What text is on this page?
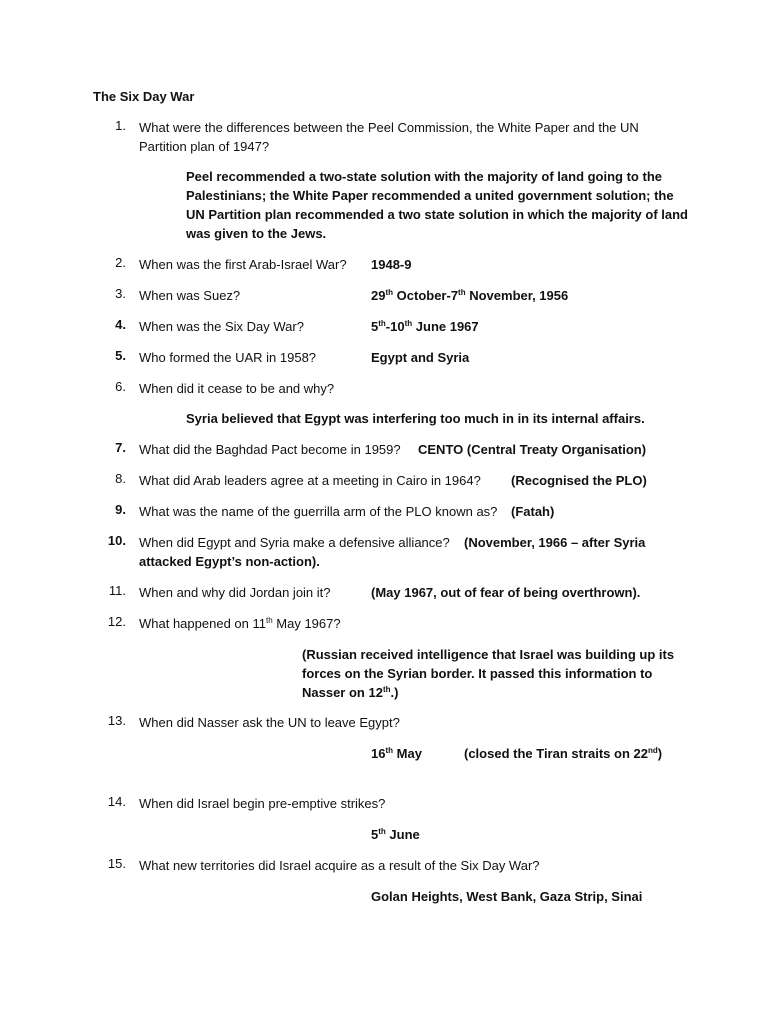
The Six Day War
1. What were the differences between the Peel Commission, the White Paper and the UN
Partition plan of 1947?
Peel recommended a two-state solution with the majority of land going to the
Palestinians; the White Paper recommended a united government solution; the
UN Partition plan recommended a two state solution in which the majority of land
was given to the Jews.
2. When was the first Arab-Israel War? 1948-9
3. When was Suez?	29th October-7th November, 1956
4. When was the Six Day War?	5th-10th June 1967
5. Who formed the UAR in 1958?	Egypt and Syria
6. When did it cease to be and why?
Syria believed that Egypt was interfering too much in in its internal affairs.
7. What did the Baghdad Pact become in 1959? CENTO (Central Treaty Organisation)
8. What did Arab leaders agree at a meeting in Cairo in 1964? (Recognised the PLO)
9. What was the name of the guerrilla arm of the PLO known as? (Fatah)
10. When did Egypt and Syria make a defensive alliance? (November, 1966 – after Syria
attacked Egypt’s non-action).
11. When and why did Jordan join it?	(May 1967, out of fear of being overthrown).
12. What happened on 11th May 1967?
(Russian received intelligence that Israel was building up its
forces on the Syrian border. It passed this information to
Nasser on 12th.)
13. When did Nasser ask the UN to leave Egypt?
16th May	(closed the Tiran straits on 22nd)
14. When did Israel begin pre-emptive strikes?
5th June
15. What new territories did Israel acquire as a result of the Six Day War?
Golan Heights, West Bank, Gaza Strip, Sinai
